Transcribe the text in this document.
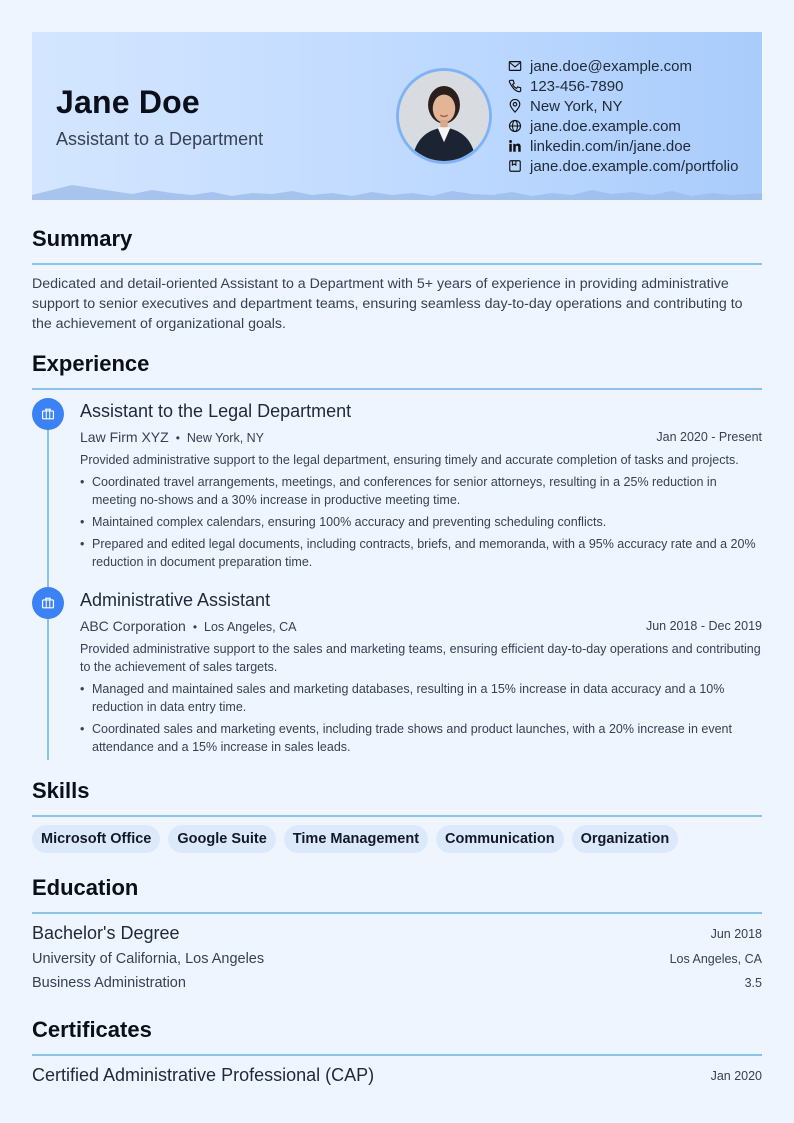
Jane Doe
Assistant to a Department
jane.doe@example.com
123-456-7890
New York, NY
jane.doe.example.com
linkedin.com/in/jane.doe
jane.doe.example.com/portfolio
Summary
Dedicated and detail-oriented Assistant to a Department with 5+ years of experience in providing administrative support to senior executives and department teams, ensuring seamless day-to-day operations and contributing to the achievement of organizational goals.
Experience
Assistant to the Legal Department
Law Firm XYZ • New York, NY	Jan 2020 - Present
Provided administrative support to the legal department, ensuring timely and accurate completion of tasks and projects.
• Coordinated travel arrangements, meetings, and conferences for senior attorneys, resulting in a 25% reduction in meeting no-shows and a 30% increase in productive meeting time.
• Maintained complex calendars, ensuring 100% accuracy and preventing scheduling conflicts.
• Prepared and edited legal documents, including contracts, briefs, and memoranda, with a 95% accuracy rate and a 20% reduction in document preparation time.
Administrative Assistant
ABC Corporation • Los Angeles, CA	Jun 2018 - Dec 2019
Provided administrative support to the sales and marketing teams, ensuring efficient day-to-day operations and contributing to the achievement of sales targets.
• Managed and maintained sales and marketing databases, resulting in a 15% increase in data accuracy and a 10% reduction in data entry time.
• Coordinated sales and marketing events, including trade shows and product launches, with a 20% increase in event attendance and a 15% increase in sales leads.
Skills
Microsoft Office	Google Suite	Time Management	Communication	Organization
Education
Bachelor's Degree	Jun 2018
University of California, Los Angeles	Los Angeles, CA
Business Administration	3.5
Certificates
Certified Administrative Professional (CAP)	Jan 2020
